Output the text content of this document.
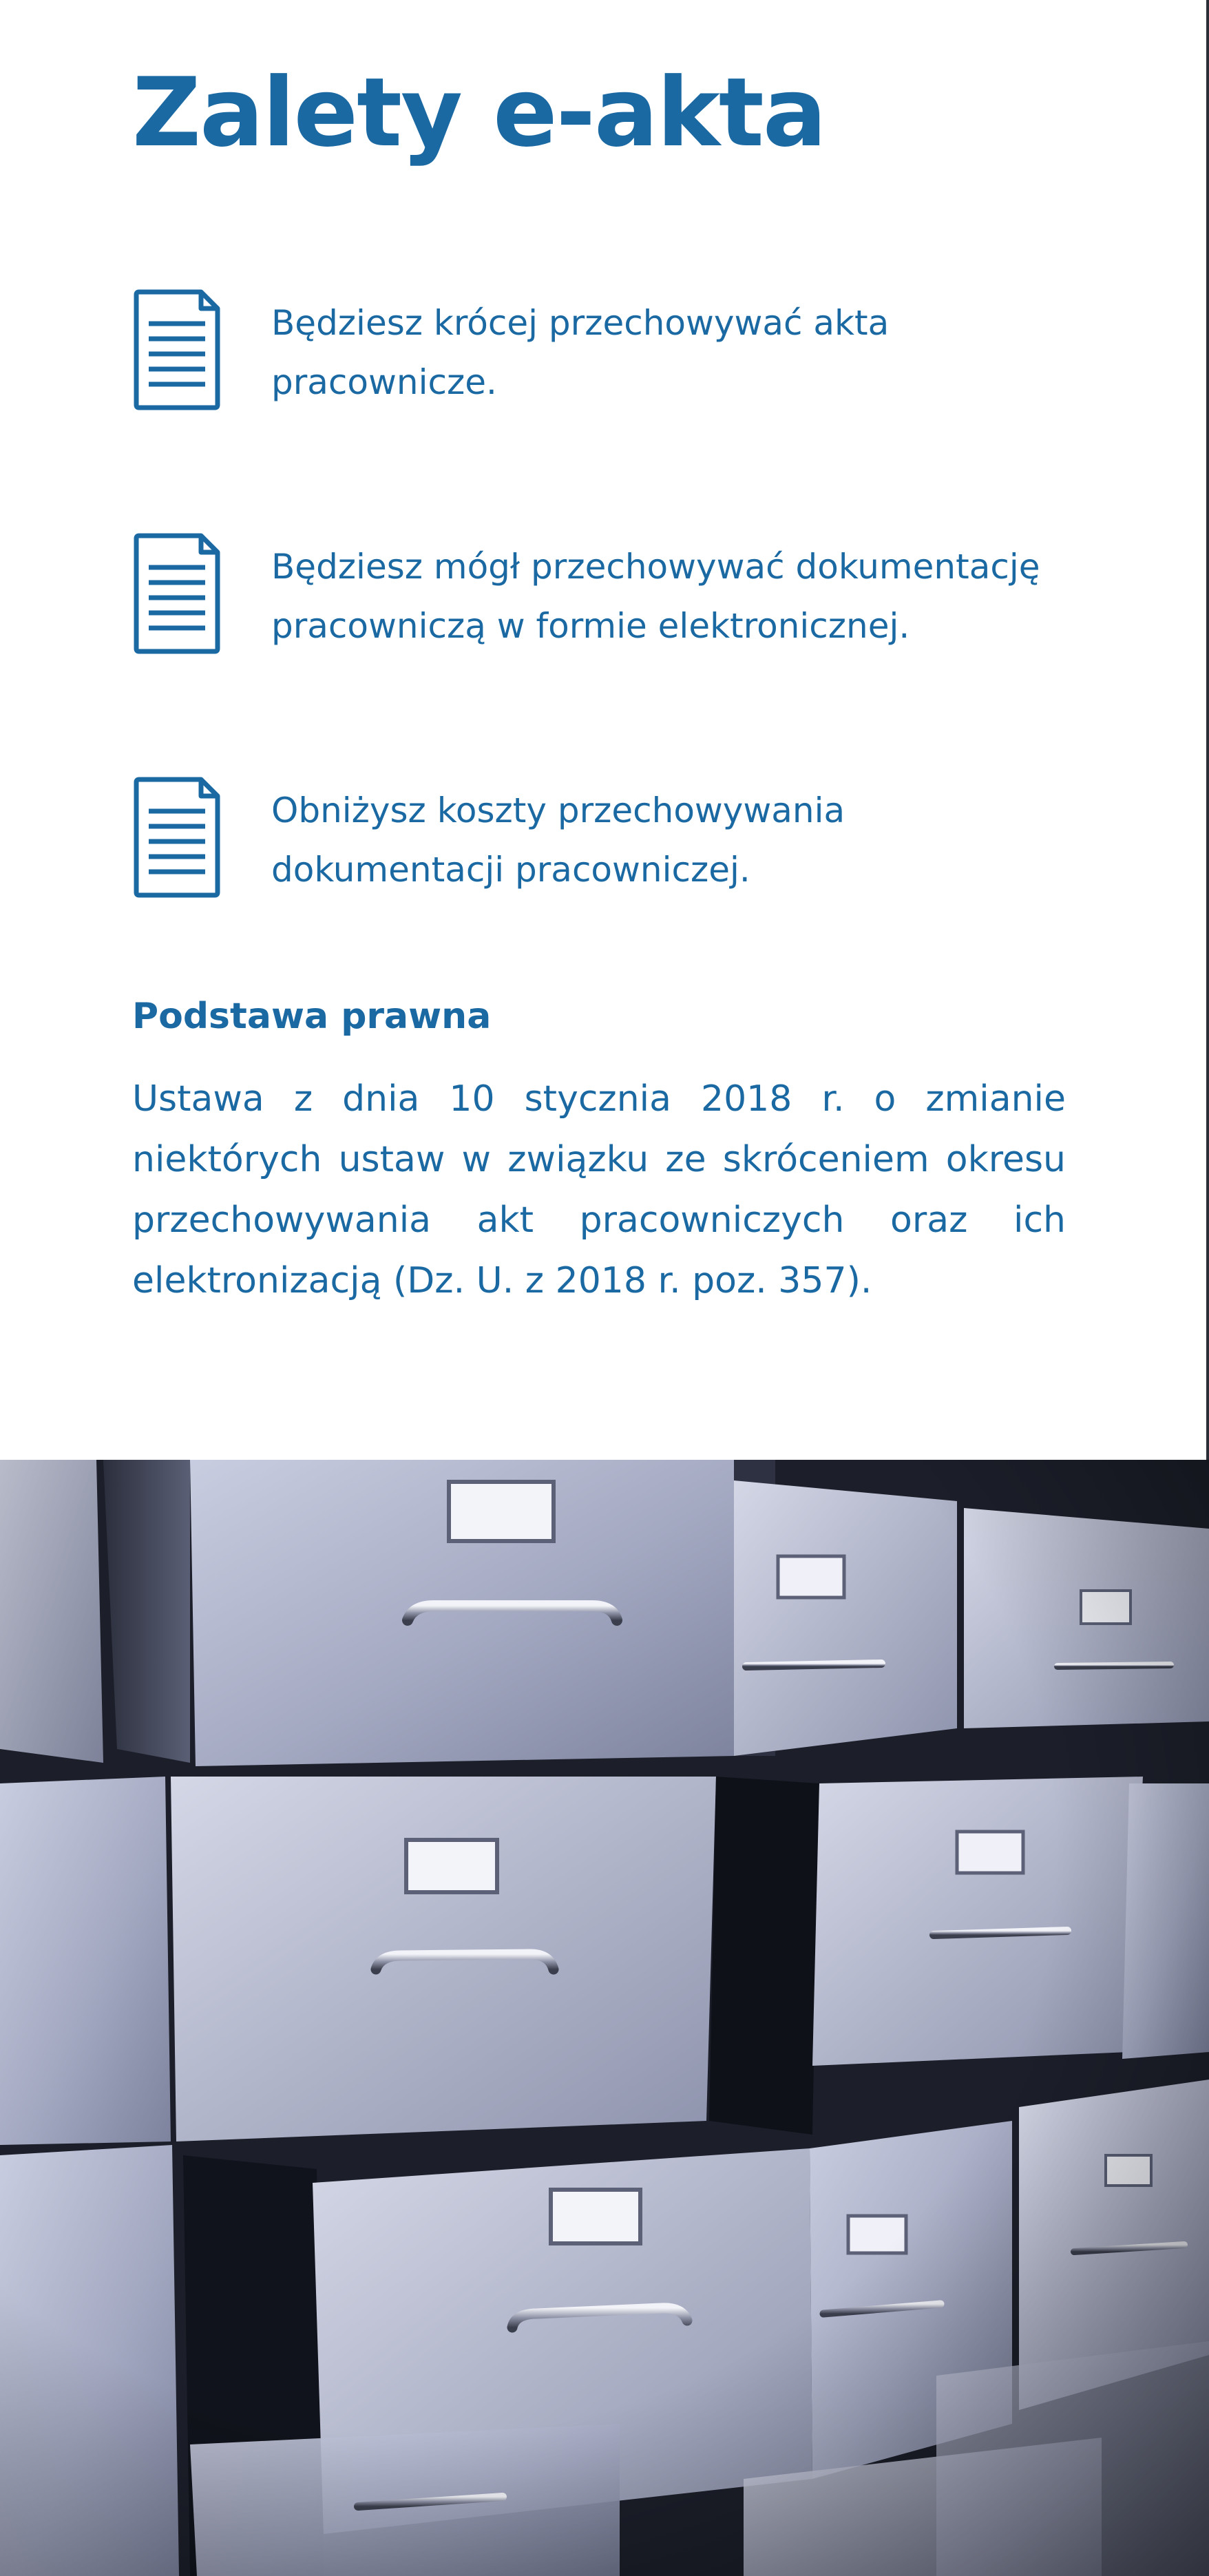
Zalety e-akta
Będziesz krócej przechowywać akta
pracownicze.
Będziesz mógł przechowywać dokumentację
pracowniczą w formie elektronicznej.
Obniżysz koszty przechowywania
dokumentacji pracowniczej.
Podstawa prawna

Ustawa z dnia 10 stycznia 2018 r. o zmianie niektórych ustaw w związku ze skróceniem okresu przechowywania akt pracowniczych oraz ich elektronizacją (Dz. U. z 2018 r. poz. 357).
